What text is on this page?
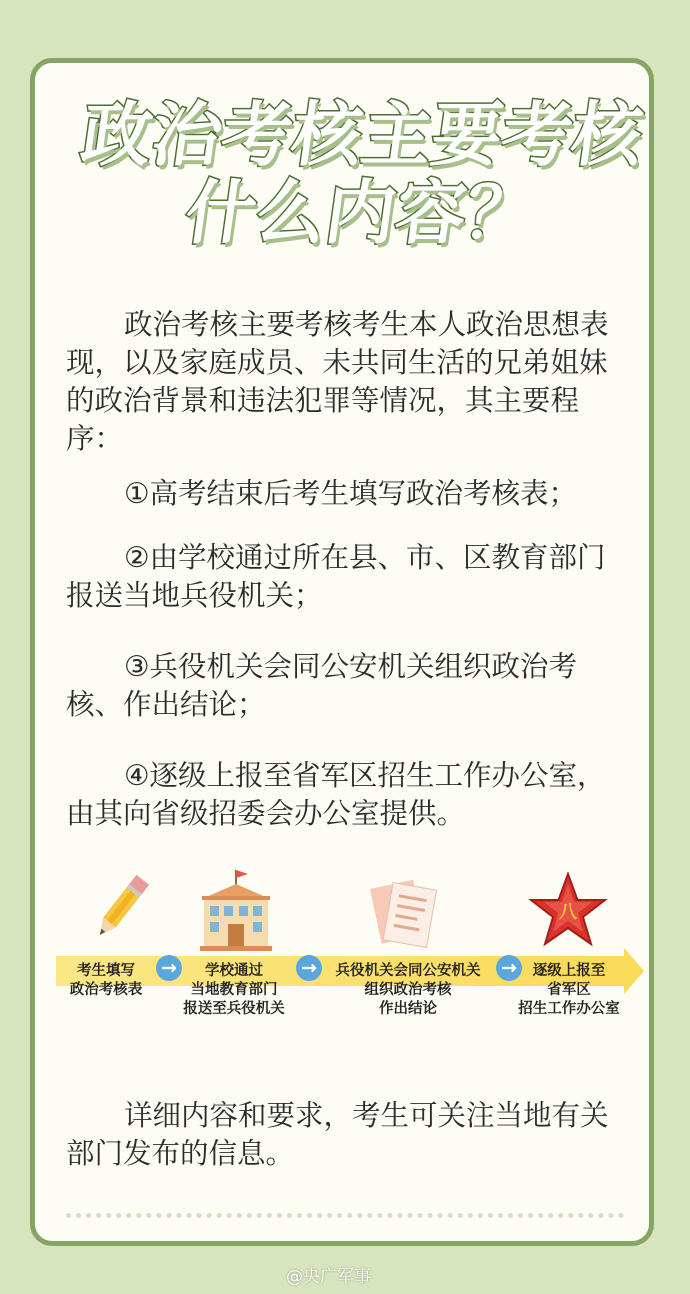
政治考核主要考核
什么内容？

政治考核主要考核考生本人政治思想表现，以及家庭成员、未共同生活的兄弟姐妹的政治背景和违法犯罪等情况，其主要程序：

①高考结束后考生填写政治考核表；

②由学校通过所在县、市、区教育部门报送当地兵役机关；

③兵役机关会同公安机关组织政治考核、作出结论；

④逐级上报至省军区招生工作办公室，由其向省级招委会办公室提供。

八
→	→	→
考生填写
政治考核表
学校通过
当地教育部门
报送至兵役机关
兵役机关会同公安机关
组织政治考核
作出结论
逐级上报至
省军区
招生工作办公室

详细内容和要求，考生可关注当地有关部门发布的信息。

@央广军事
